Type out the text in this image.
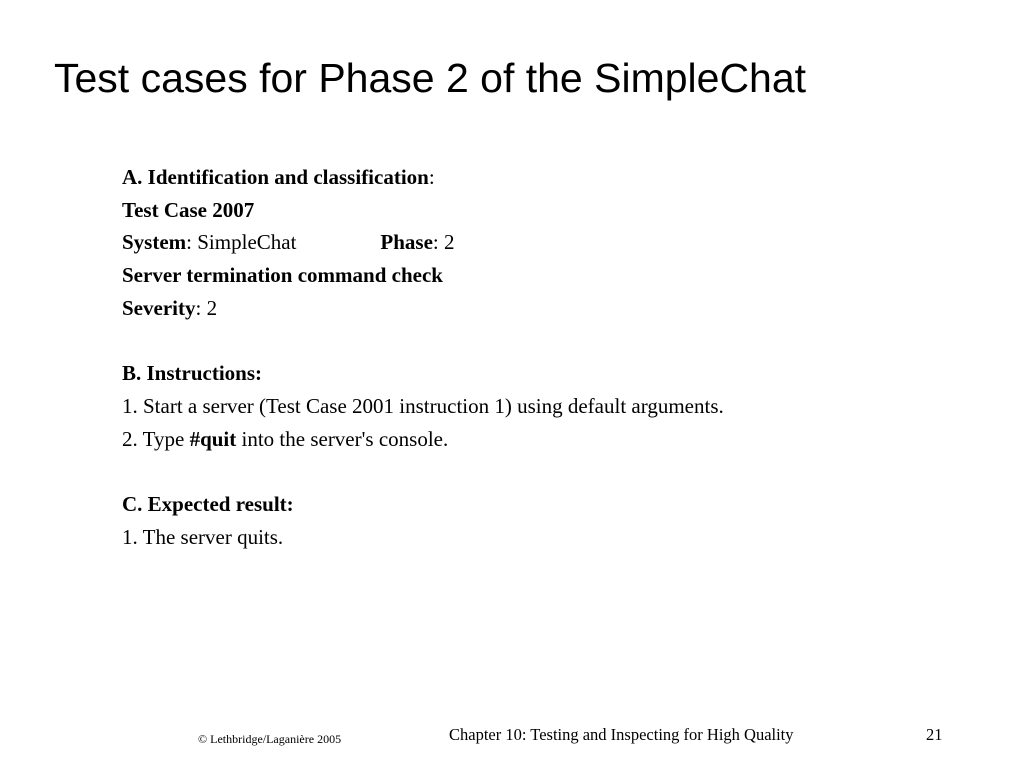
Test cases for Phase 2 of the SimpleChat
A. Identification and classification:
Test Case 2007
System: SimpleChat	Phase: 2
Server termination command check
Severity: 2
B. Instructions:
1. Start a server (Test Case 2001 instruction 1) using default arguments.
2. Type #quit into the server's console.
C. Expected result:
1. The server quits.
© Lethbridge/Laganière 2005	Chapter 10: Testing and Inspecting for High Quality	21
